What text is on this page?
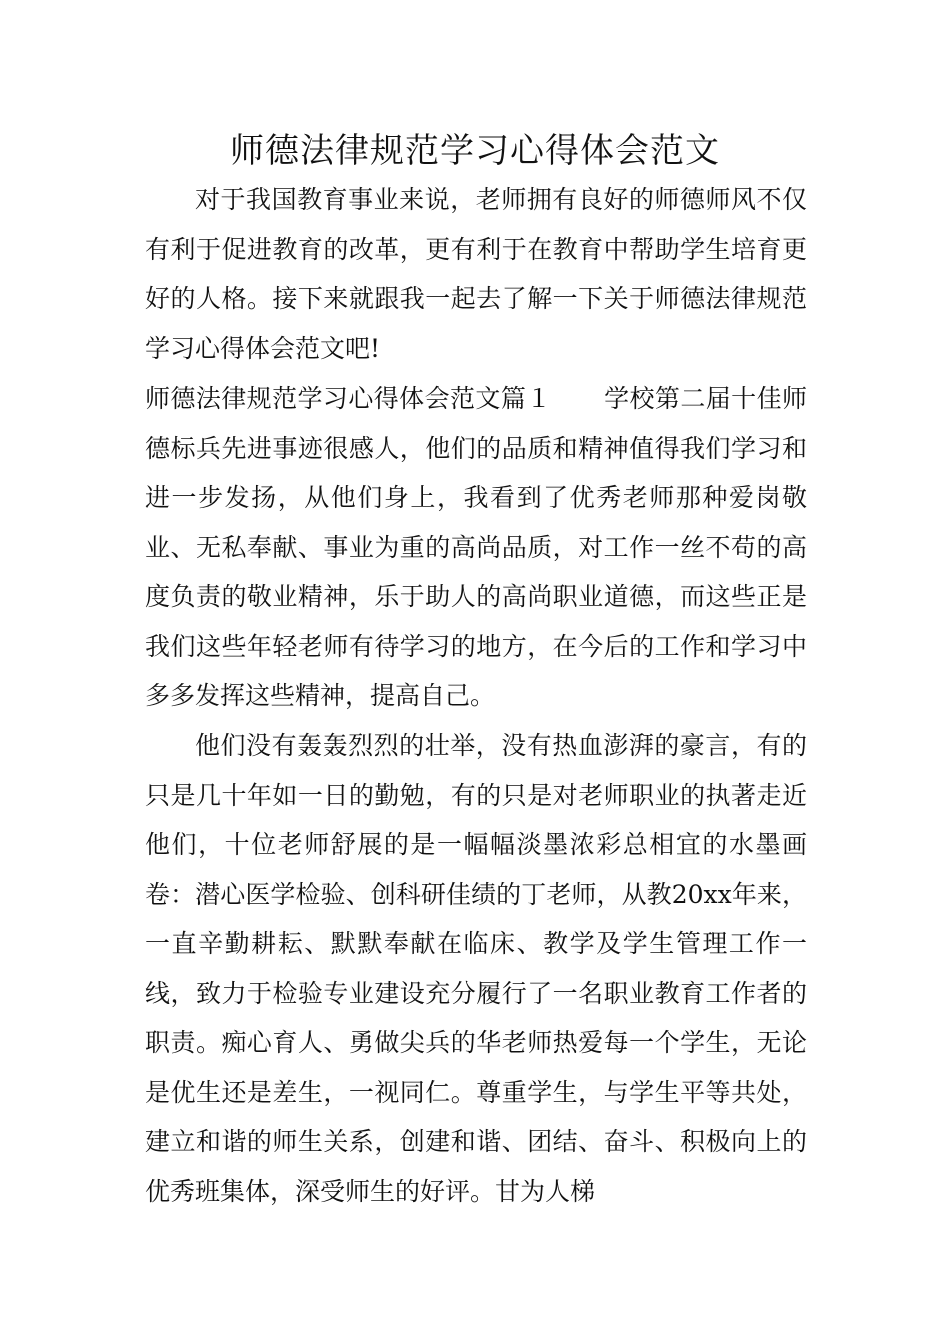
师德法律规范学习心得体会范文

对于我国教育事业来说，老师拥有良好的师德师风不仅有利于促进教育的改革，更有利于在教育中帮助学生培育更好的人格。接下来就跟我一起去了解一下关于师德法律规范学习心得体会范文吧!

师德法律规范学习心得体会范文篇１ 学校第二届十佳师德标兵先进事迹很感人，他们的品质和精神值得我们学习和进一步发扬，从他们身上，我看到了优秀老师那种爱岗敬业、无私奉献、事业为重的高尚品质，对工作一丝不苟的高度负责的敬业精神，乐于助人的高尚职业道德，而这些正是我们这些年轻老师有待学习的地方，在今后的工作和学习中多多发挥这些精神，提高自己。

他们没有轰轰烈烈的壮举，没有热血澎湃的豪言，有的只是几十年如一日的勤勉，有的只是对老师职业的执著走近他们，十位老师舒展的是一幅幅淡墨浓彩总相宜的水墨画卷：潜心医学检验、创科研佳绩的丁老师，从教20xx年来，一直辛勤耕耘、默默奉献在临床、教学及学生管理工作一线，致力于检验专业建设充分履行了一名职业教育工作者的职责。痴心育人、勇做尖兵的华老师热爱每一个学生，无论是优生还是差生，一视同仁。尊重学生，与学生平等共处，建立和谐的师生关系，创建和谐、团结、奋斗、积极向上的优秀班集体，深受师生的好评。甘为人梯
